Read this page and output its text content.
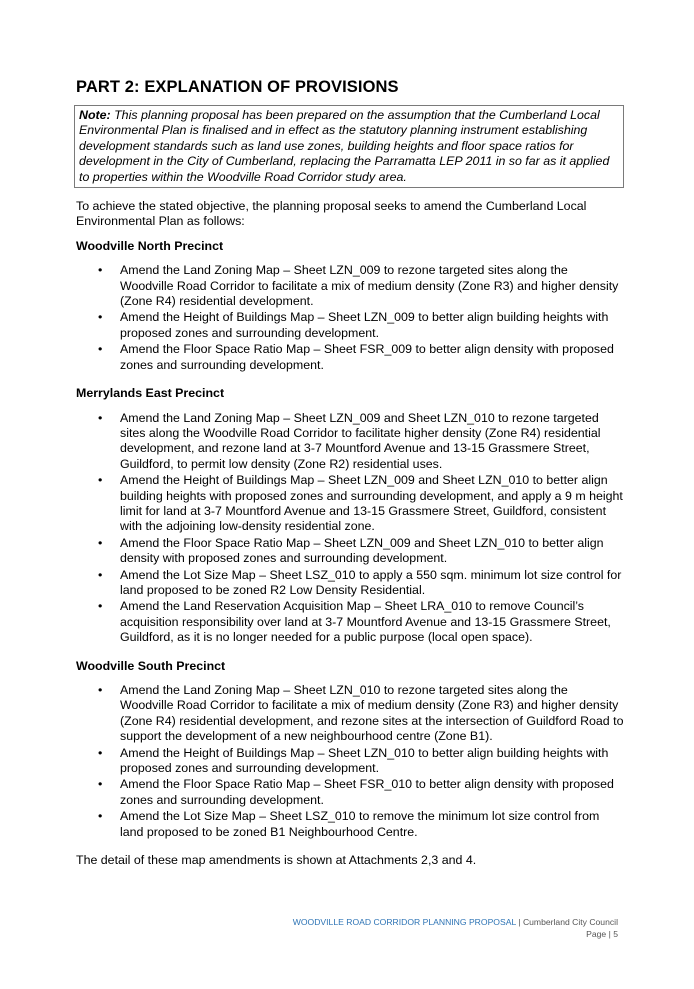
PART 2: EXPLANATION OF PROVISIONS
Note: This planning proposal has been prepared on the assumption that the Cumberland Local Environmental Plan is finalised and in effect as the statutory planning instrument establishing development standards such as land use zones, building heights and floor space ratios for development in the City of Cumberland, replacing the Parramatta LEP 2011 in so far as it applied to properties within the Woodville Road Corridor study area.

To achieve the stated objective, the planning proposal seeks to amend the Cumberland Local Environmental Plan as follows:

Woodville North Precinct
• Amend the Land Zoning Map – Sheet LZN_009 to rezone targeted sites along the Woodville Road Corridor to facilitate a mix of medium density (Zone R3) and higher density (Zone R4) residential development.
• Amend the Height of Buildings Map – Sheet LZN_009 to better align building heights with proposed zones and surrounding development.
• Amend the Floor Space Ratio Map – Sheet FSR_009 to better align density with proposed zones and surrounding development.
Merrylands East Precinct
• Amend the Land Zoning Map – Sheet LZN_009 and Sheet LZN_010 to rezone targeted sites along the Woodville Road Corridor to facilitate higher density (Zone R4) residential development, and rezone land at 3-7 Mountford Avenue and 13-15 Grassmere Street, Guildford, to permit low density (Zone R2) residential uses.
• Amend the Height of Buildings Map – Sheet LZN_009 and Sheet LZN_010 to better align building heights with proposed zones and surrounding development, and apply a 9 m height limit for land at 3-7 Mountford Avenue and 13-15 Grassmere Street, Guildford, consistent with the adjoining low-density residential zone.
• Amend the Floor Space Ratio Map – Sheet LZN_009 and Sheet LZN_010 to better align density with proposed zones and surrounding development.
• Amend the Lot Size Map – Sheet LSZ_010 to apply a 550 sqm. minimum lot size control for land proposed to be zoned R2 Low Density Residential.
• Amend the Land Reservation Acquisition Map – Sheet LRA_010 to remove Council’s acquisition responsibility over land at 3-7 Mountford Avenue and 13-15 Grassmere Street, Guildford, as it is no longer needed for a public purpose (local open space).
Woodville South Precinct
• Amend the Land Zoning Map – Sheet LZN_010 to rezone targeted sites along the Woodville Road Corridor to facilitate a mix of medium density (Zone R3) and higher density (Zone R4) residential development, and rezone sites at the intersection of Guildford Road to support the development of a new neighbourhood centre (Zone B1).
• Amend the Height of Buildings Map – Sheet LZN_010 to better align building heights with proposed zones and surrounding development.
• Amend the Floor Space Ratio Map – Sheet FSR_010 to better align density with proposed zones and surrounding development.
• Amend the Lot Size Map – Sheet LSZ_010 to remove the minimum lot size control from land proposed to be zoned B1 Neighbourhood Centre.

The detail of these map amendments is shown at Attachments 2,3 and 4.

WOODVILLE ROAD CORRIDOR PLANNING PROPOSAL | Cumberland City Council
Page | 5
